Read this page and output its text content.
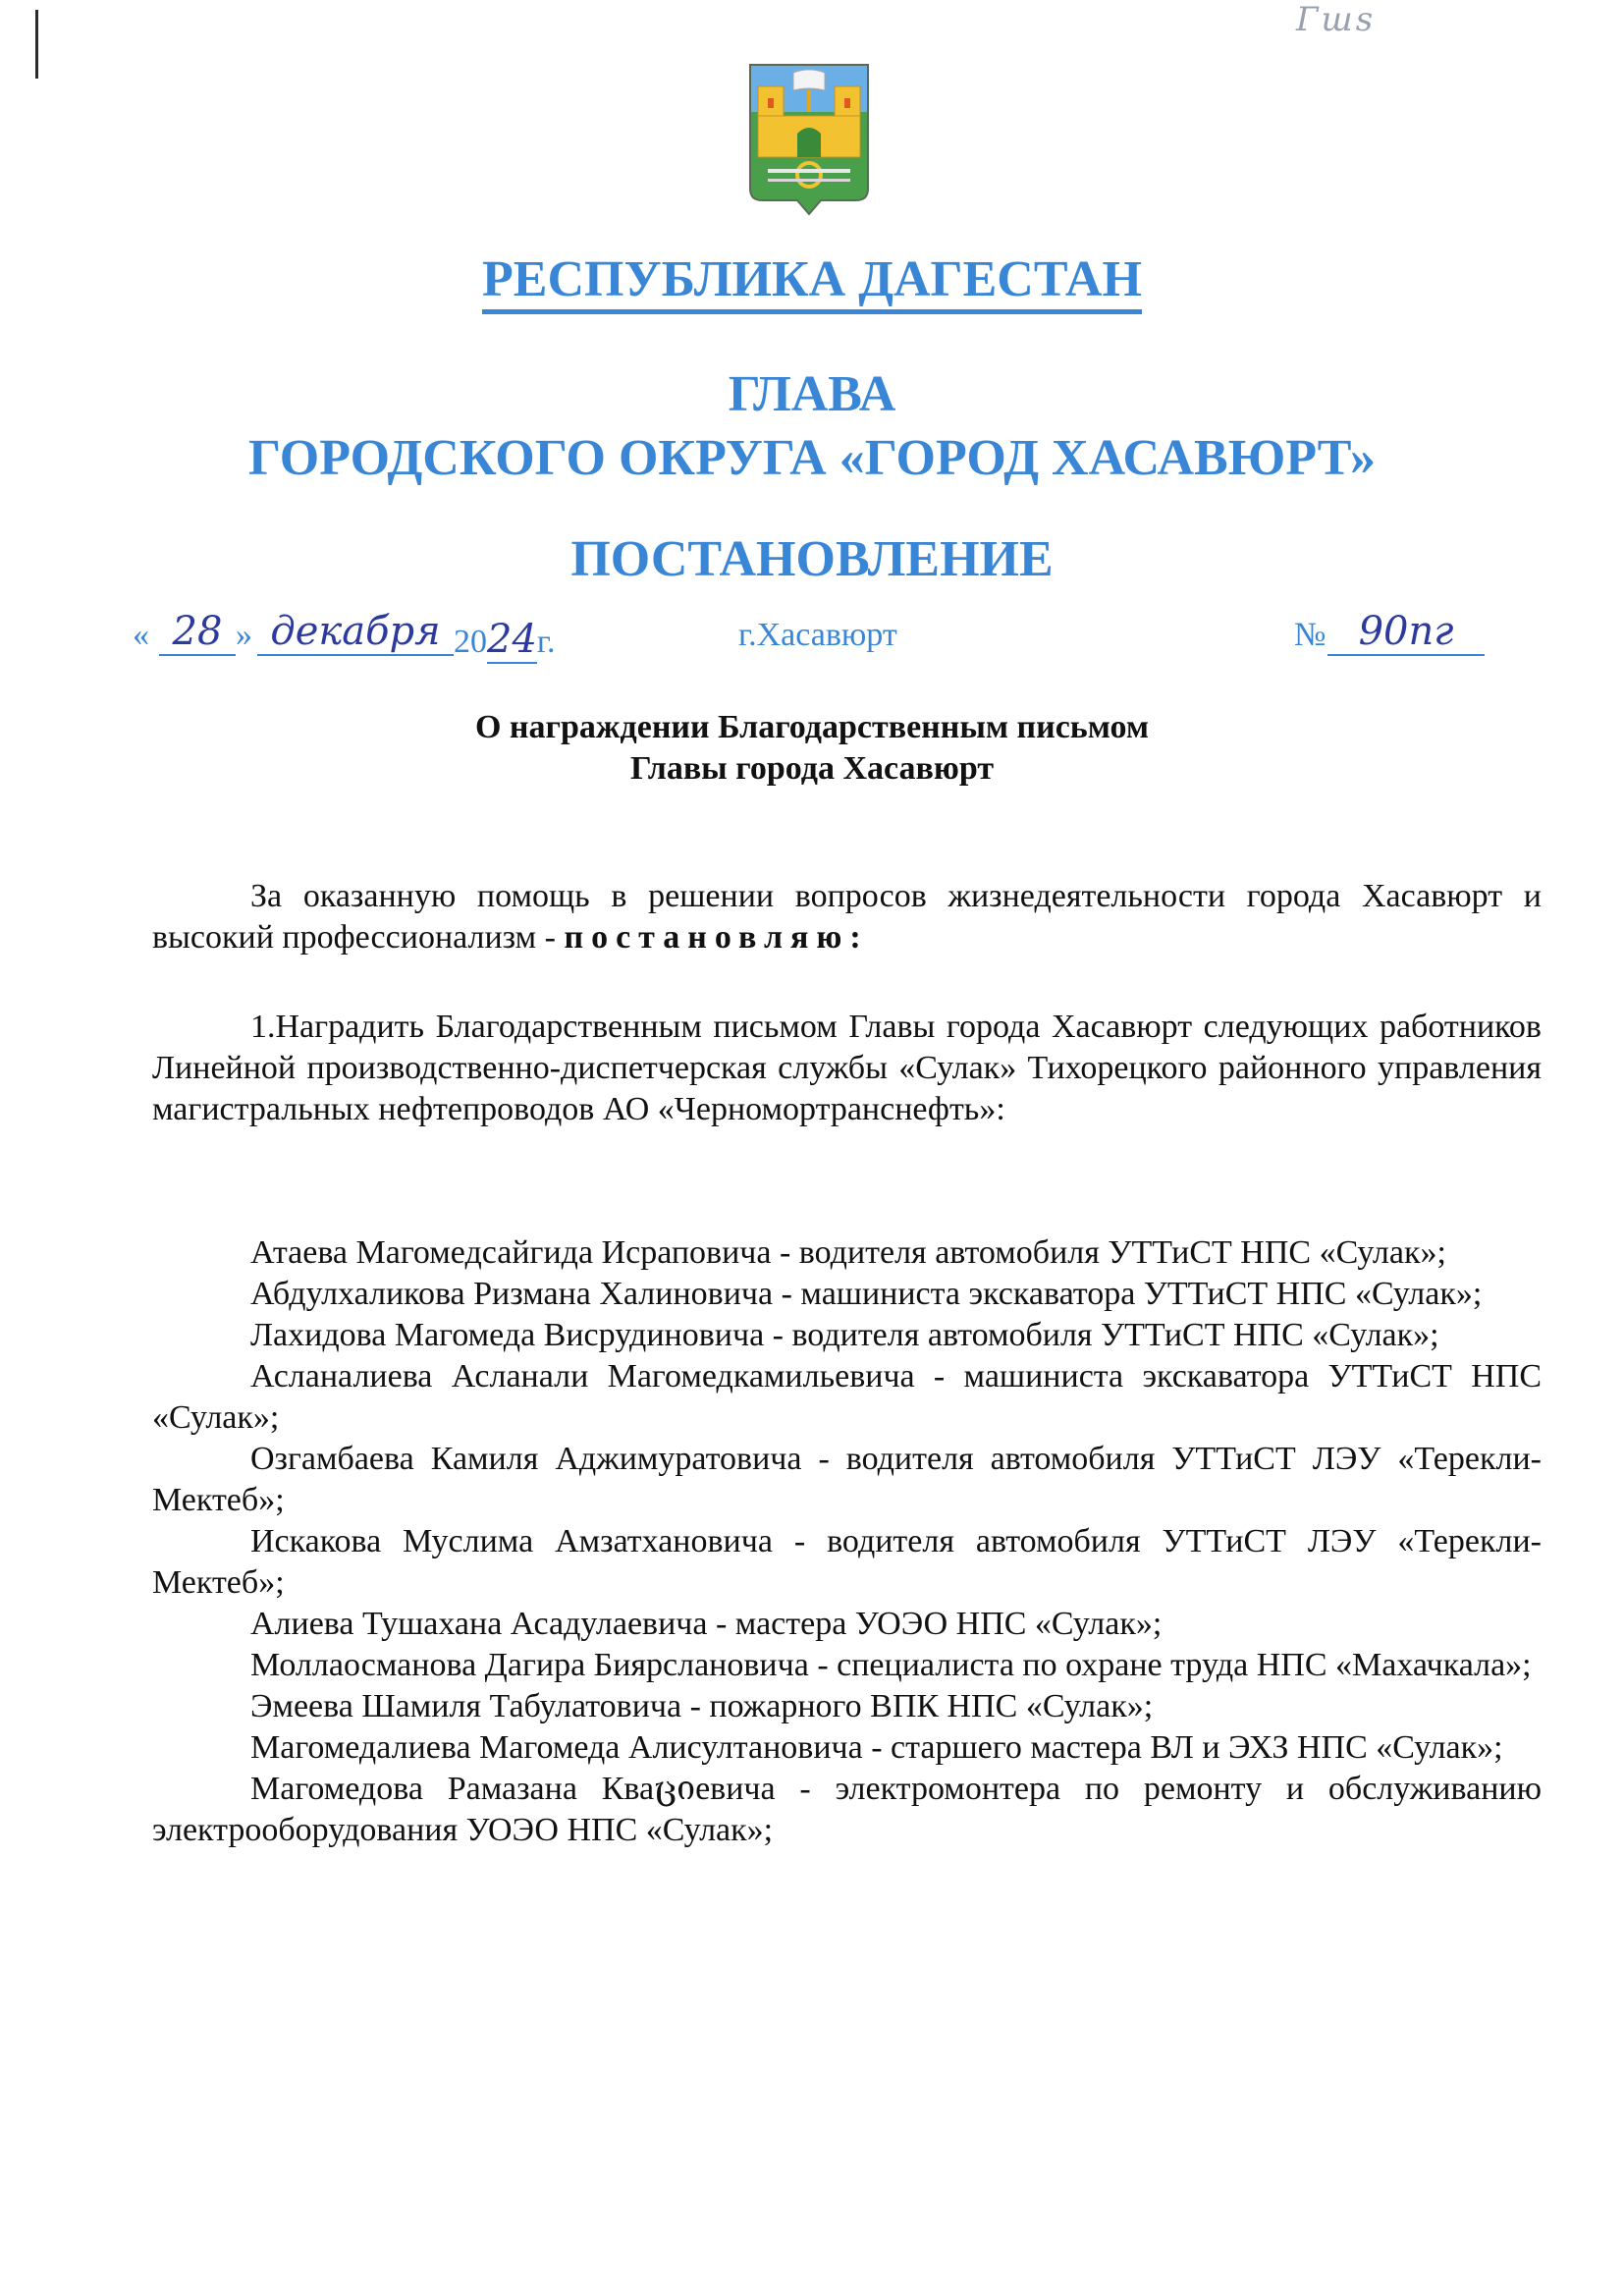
Гшs
РЕСПУБЛИКА ДАГЕСТАН
ГЛАВА
ГОРОДСКОГО ОКРУГА «ГОРОД ХАСАВЮРТ»
ПОСТАНОВЛЕНИЕ
« 28 » декабря 2024г.	г.Хасавюрт	№ 90пг
О награждении Благодарственным письмом
Главы города Хасавюрт
За оказанную помощь в решении вопросов жизнедеятельности города Хасавюрт и высокий профессионализм - постановляю:
1.Наградить Благодарственным письмом Главы города Хасавюрт следующих работников Линейной производственно-диспетчерская службы «Сулак» Тихорецкого районного управления магистральных нефтепроводов АО «Черномортранснефть»:
Атаева Магомедсайгида Исраповича - водителя автомобиля УТТиСТ НПС «Сулак»;
Абдулхаликова Ризмана Халиновича - машиниста экскаватора УТТиСТ НПС «Сулак»;
Лахидова Магомеда Висрудиновича - водителя автомобиля УТТиСТ НПС «Сулак»;
Асланалиева Асланали Магомедкамильевича - машиниста экскаватора УТТиСТ НПС «Сулак»;
Озгамбаева Камиля Аджимуратовича - водителя автомобиля УТТиСТ ЛЭУ «Терекли-Мектеб»;
Искакова Муслима Амзатхановича - водителя автомобиля УТТиСТ ЛЭУ «Терекли-Мектеб»;
Алиева Тушахана Асадулаевича - мастера УОЭО НПС «Сулак»;
Моллаосманова Дагира Биярслановича - специалиста по охране труда НПС «Махачкала»;
Эмеева Шамиля Табулатовича - пожарного ВПК НПС «Сулак»;
Магомедалиева Магомеда Алисултановича - старшего мастера ВЛ и ЭХЗ НПС «Сулак»;
Магомедова Рамазана Кваციевича - электромонтера по ремонту и обслуживанию электрооборудования УОЭО НПС «Сулак»;
